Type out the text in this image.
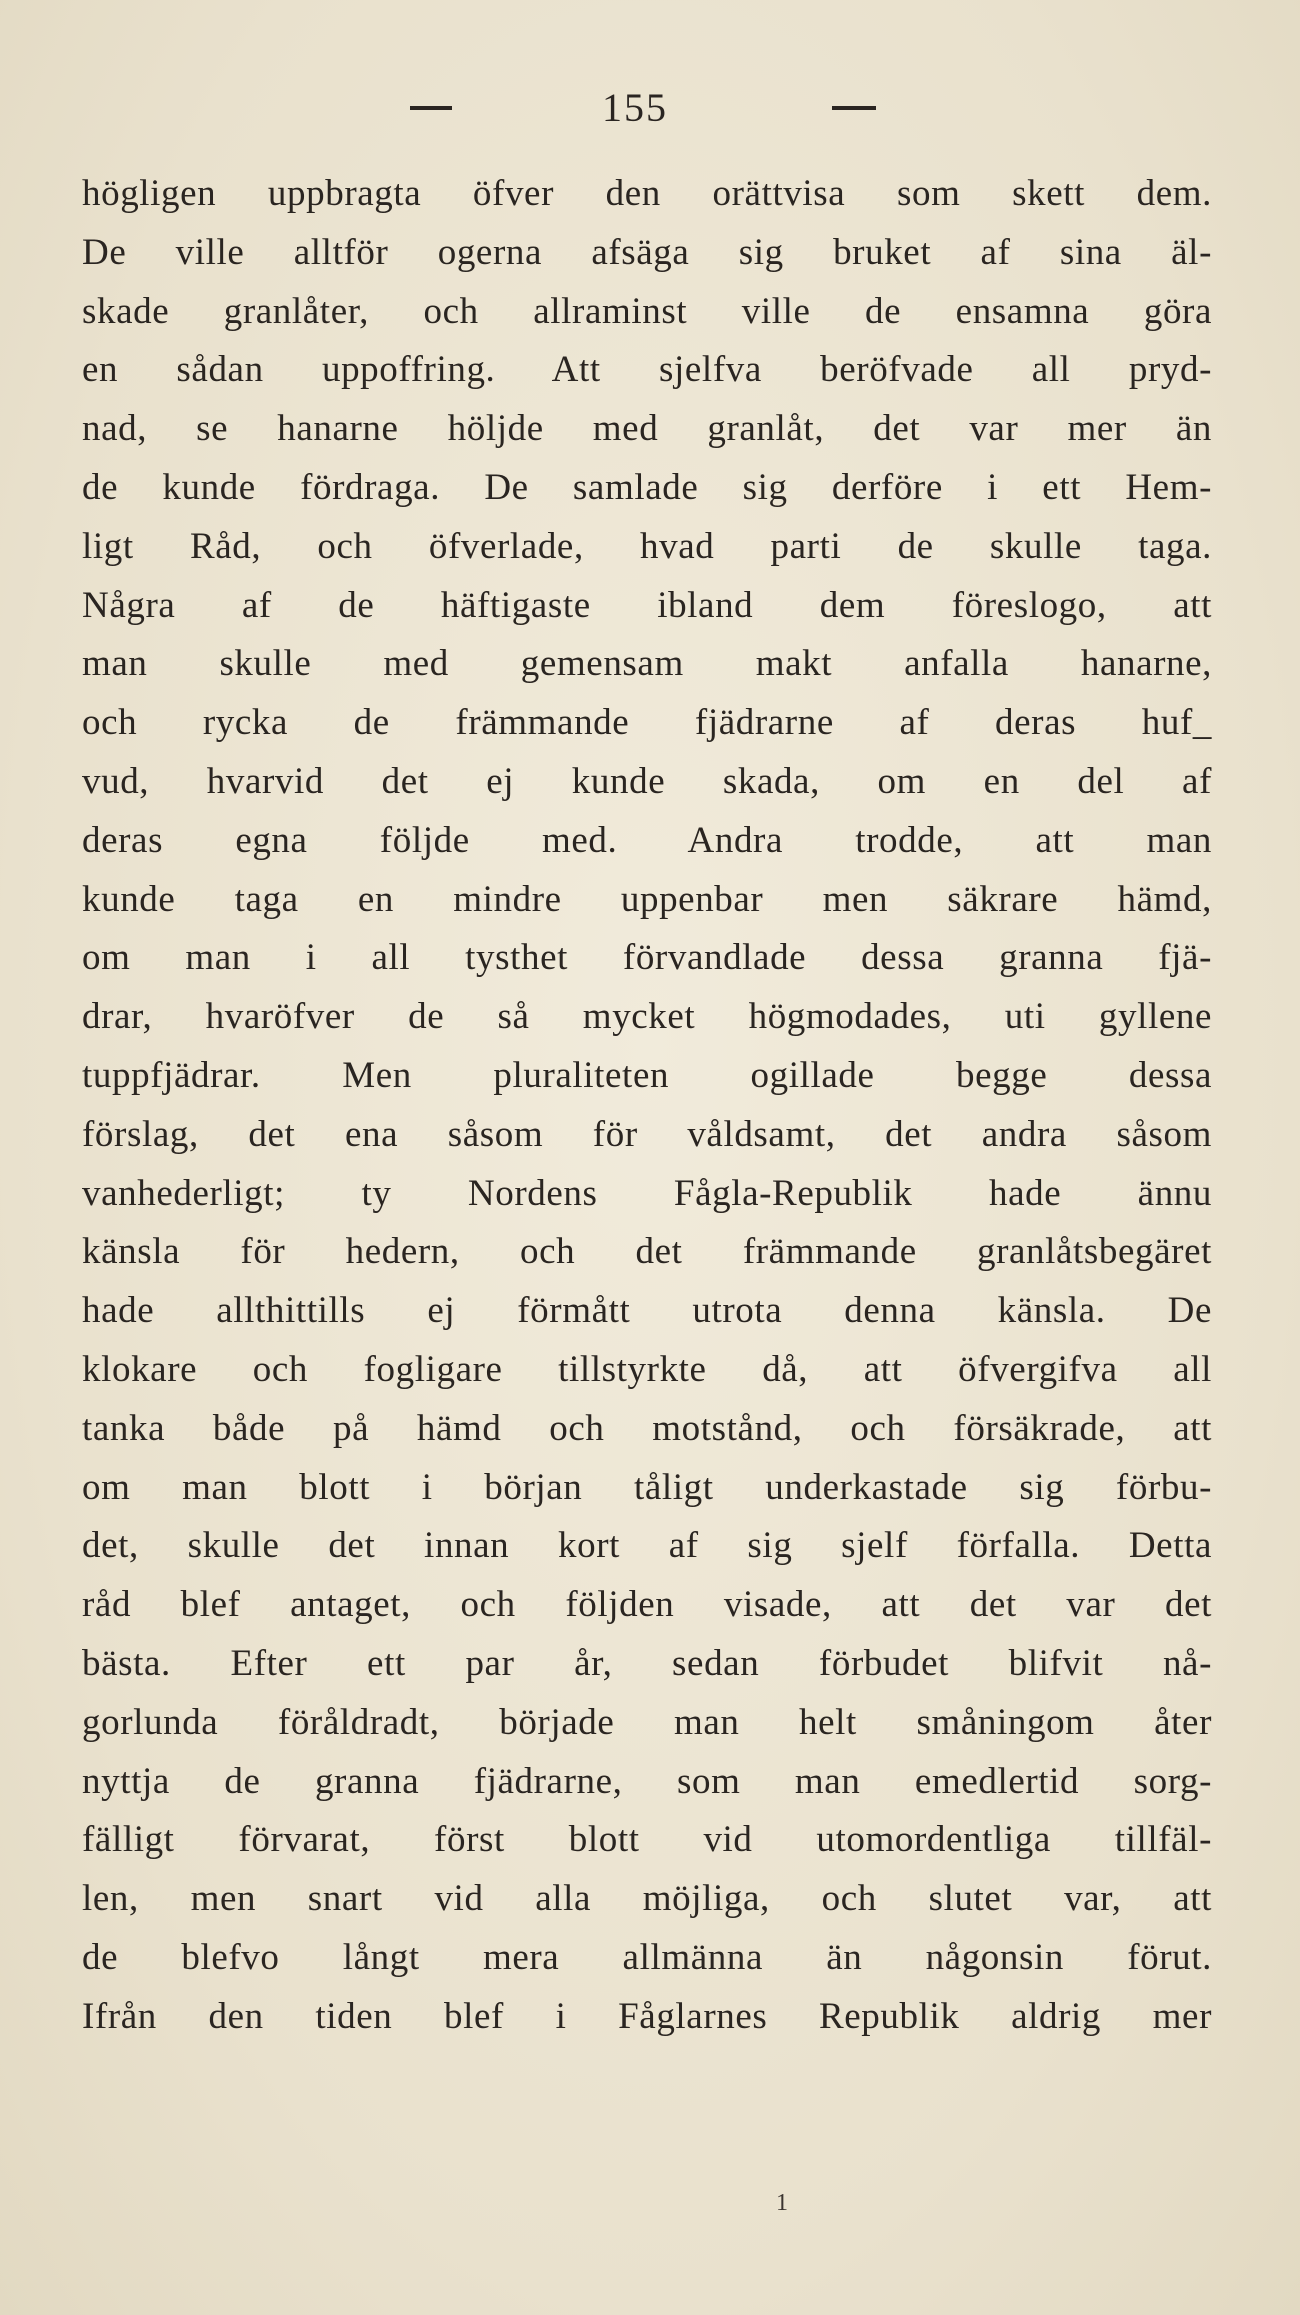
155
högligen uppbragta öfver den orättvisa som skett dem.
De ville alltför ogerna afsäga sig bruket af sina äl-
skade granlåter, och allraminst ville de ensamna göra
en sådan uppoffring. Att sjelfva beröfvade all pryd-
nad, se hanarne höljde med granlåt, det var mer än
de kunde fördraga. De samlade sig derföre i ett Hem-
ligt Råd, och öfverlade, hvad parti de skulle taga.
Några af de häftigaste ibland dem föreslogo, att
man skulle med gemensam makt anfalla hanarne,
och rycka de främmande fjädrarne af deras huf_
vud, hvarvid det ej kunde skada, om en del af
deras egna följde med. Andra trodde, att man
kunde taga en mindre uppenbar men säkrare hämd,
om man i all tysthet förvandlade dessa granna fjä-
drar, hvaröfver de så mycket högmodades, uti gyllene
tuppfjädrar. Men pluraliteten ogillade begge dessa
förslag, det ena såsom för våldsamt, det andra såsom
vanhederligt; ty Nordens Fågla-Republik hade ännu
känsla för hedern, och det främmande granlåtsbegäret
hade allthittills ej förmått utrota denna känsla. De
klokare och fogligare tillstyrkte då, att öfvergifva all
tanka både på hämd och motstånd, och försäkrade, att
om man blott i början tåligt underkastade sig förbu-
det, skulle det innan kort af sig sjelf förfalla. Detta
råd blef antaget, och följden visade, att det var det
bästa. Efter ett par år, sedan förbudet blifvit nå-
gorlunda föråldradt, började man helt småningom åter
nyttja de granna fjädrarne, som man emedlertid sorg-
fälligt förvarat, först blott vid utomordentliga tillfäl-
len, men snart vid alla möjliga, och slutet var, att
de blefvo långt mera allmänna än någonsin förut.
Ifrån den tiden blef i Fåglarnes Republik aldrig mer
1
